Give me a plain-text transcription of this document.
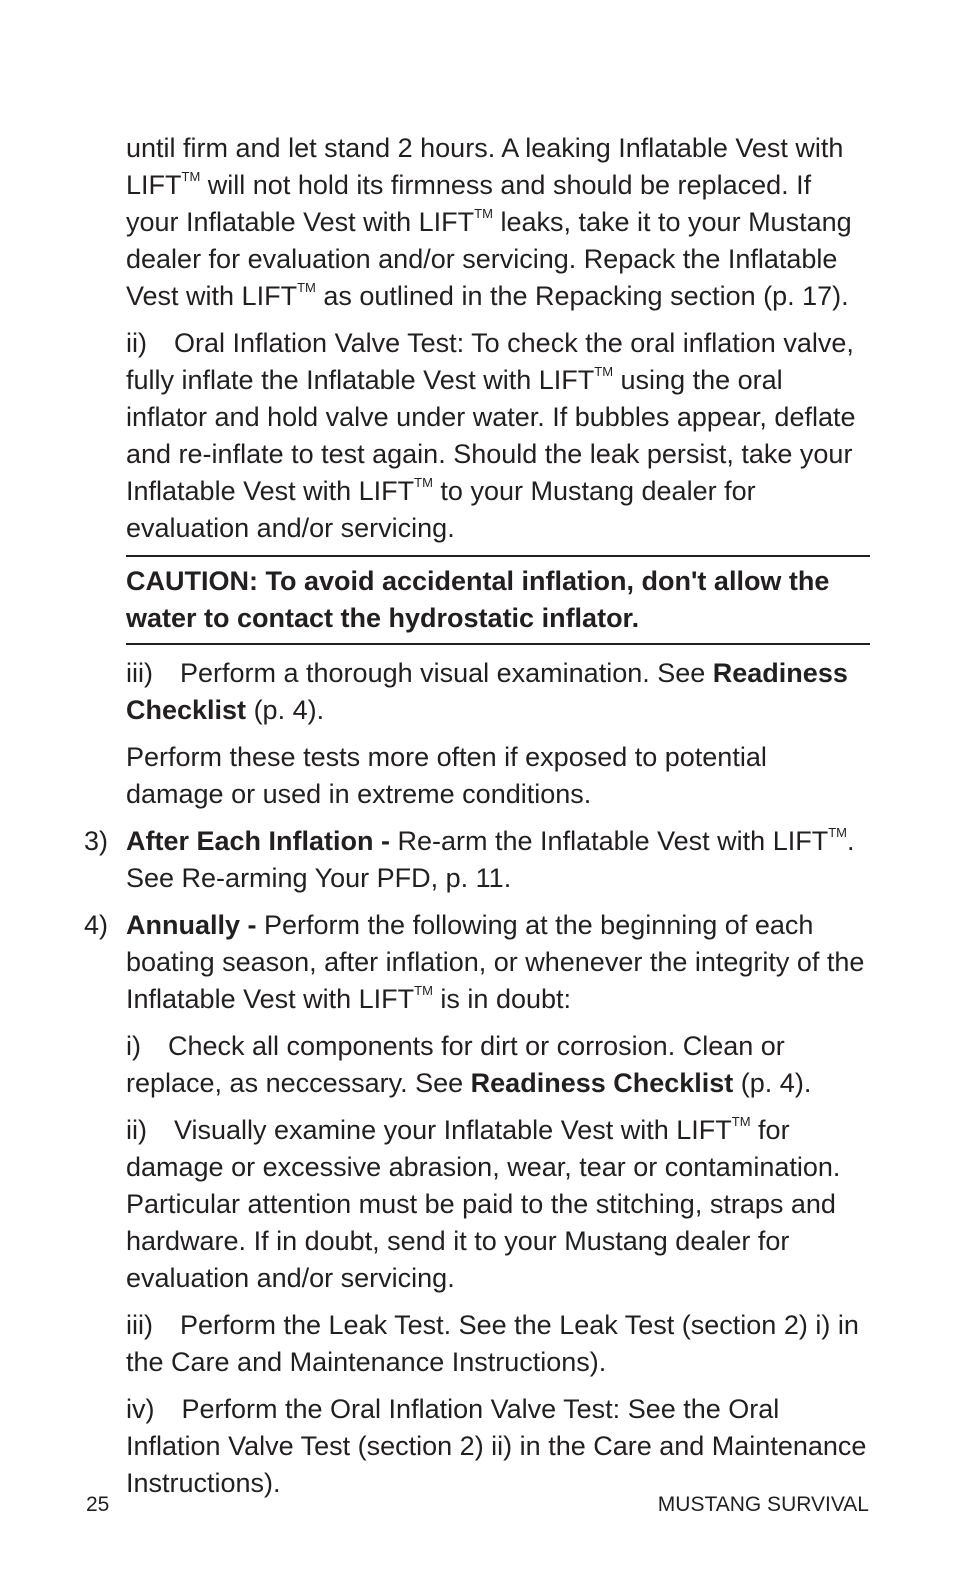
until firm and let stand 2 hours. A leaking Inflatable Vest with LIFT™ will not hold its firmness and should be replaced. If your Inflatable Vest with LIFT™ leaks, take it to your Mustang dealer for evaluation and/or servicing. Repack the Inflatable Vest with LIFT™ as outlined in the Repacking section (p. 17).

ii) Oral Inflation Valve Test: To check the oral inflation valve, fully inflate the Inflatable Vest with LIFT™ using the oral inflator and hold valve under water. If bubbles appear, deflate and re-inflate to test again. Should the leak persist, take your Inflatable Vest with LIFT™ to your Mustang dealer for evaluation and/or servicing.

CAUTION: To avoid accidental inflation, don't allow the water to contact the hydrostatic inflator.

iii) Perform a thorough visual examination. See Readiness Checklist (p. 4).

Perform these tests more often if exposed to potential damage or used in extreme conditions.

3) After Each Inflation - Re-arm the Inflatable Vest with LIFT™. See Re-arming Your PFD, p. 11.

4) Annually - Perform the following at the beginning of each boating season, after inflation, or whenever the integrity of the Inflatable Vest with LIFT™ is in doubt:

i) Check all components for dirt or corrosion. Clean or replace, as neccessary. See Readiness Checklist (p. 4).

ii) Visually examine your Inflatable Vest with LIFT™ for damage or excessive abrasion, wear, tear or contamination. Particular attention must be paid to the stitching, straps and hardware. If in doubt, send it to your Mustang dealer for evaluation and/or servicing.

iii) Perform the Leak Test. See the Leak Test (section 2) i) in the Care and Maintenance Instructions).

iv) Perform the Oral Inflation Valve Test: See the Oral Inflation Valve Test (section 2) ii) in the Care and Maintenance Instructions).

25	MUSTANG SURVIVAL
